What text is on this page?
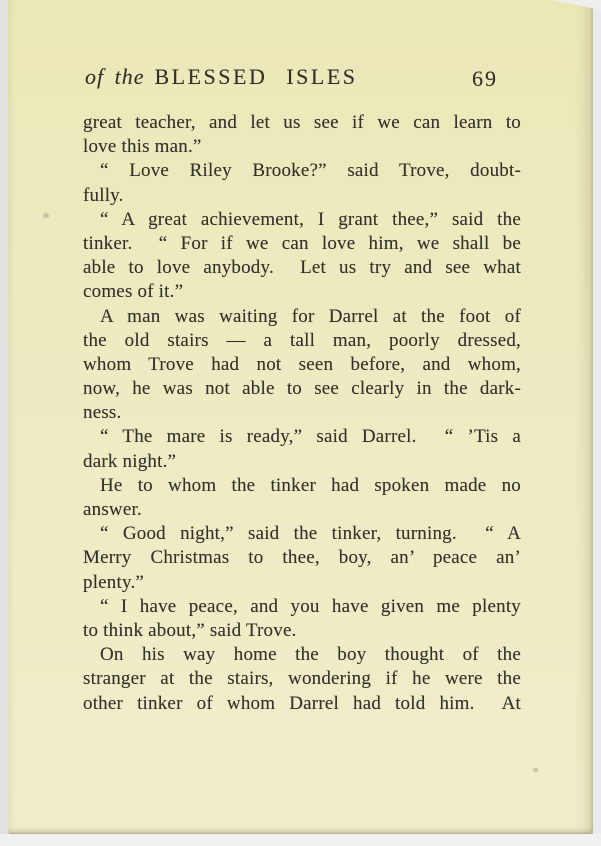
of the BLESSED ISLES	69
great teacher, and let us see if we can learn to
love this man.”
“ Love Riley Brooke?” said Trove, doubt-
fully.
“ A great achievement, I grant thee,” said the
tinker.  “ For if we can love him, we shall be
able to love anybody.  Let us try and see what
comes of it.”
A man was waiting for Darrel at the foot of
the old stairs — a tall man, poorly dressed,
whom Trove had not seen before, and whom,
now, he was not able to see clearly in the dark-
ness.
“ The mare is ready,” said Darrel.  “ ’Tis a
dark night.”
He to whom the tinker had spoken made no
answer.
“ Good night,” said the tinker, turning.  “ A
Merry Christmas to thee, boy, an’ peace an’
plenty.”
“ I have peace, and you have given me plenty
to think about,” said Trove.
On his way home the boy thought of the
stranger at the stairs, wondering if he were the
other tinker of whom Darrel had told him.  At
